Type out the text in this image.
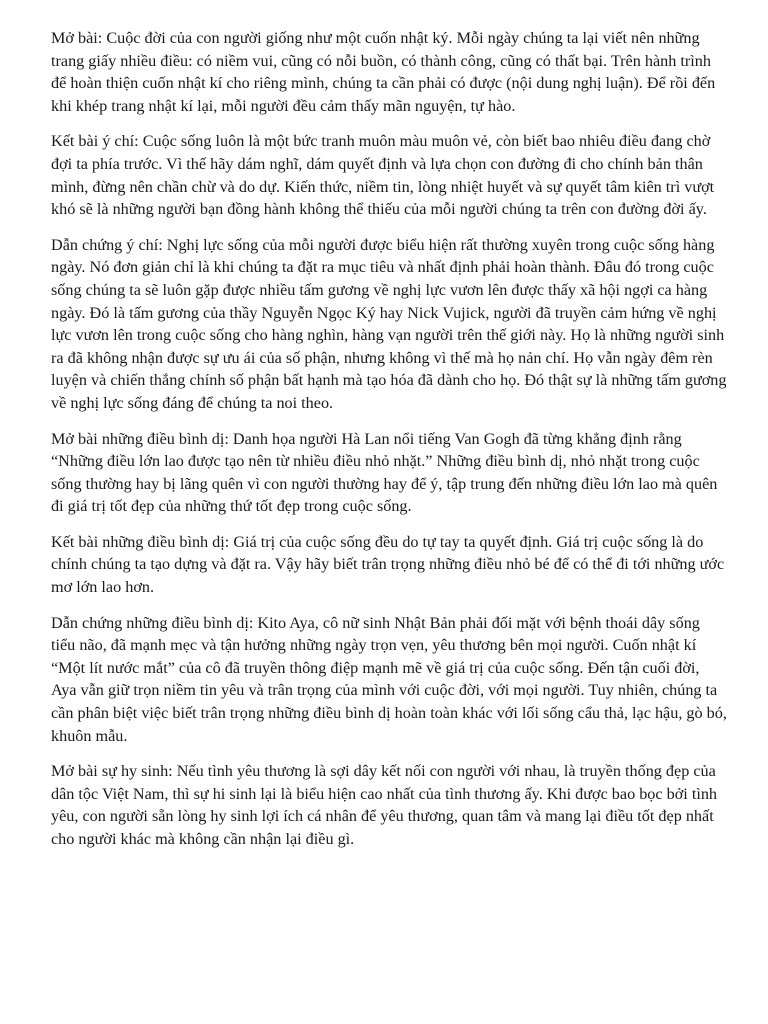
Mở bài: Cuộc đời của con người giống như một cuốn nhật ký. Mỗi ngày chúng ta lại viết nên những trang giấy nhiều điều: có niềm vui, cũng có nỗi buồn, có thành công, cũng có thất bại. Trên hành trình để hoàn thiện cuốn nhật kí cho riêng mình, chúng ta cần phải có được (nội dung nghị luận). Để rồi đến khi khép trang nhật kí lại, mỗi người đều cảm thấy mãn nguyện, tự hào.

Kết bài ý chí: Cuộc sống luôn là một bức tranh muôn màu muôn vẻ, còn biết bao nhiêu điều đang chờ đợi ta phía trước. Vì thế hãy dám nghĩ, dám quyết định và lựa chọn con đường đi cho chính bản thân mình, đừng nên chần chừ và do dự. Kiến thức, niềm tin, lòng nhiệt huyết và sự quyết tâm kiên trì vượt khó sẽ là những người bạn đồng hành không thể thiếu của mỗi người chúng ta trên con đường đời ấy.

Dẫn chứng ý chí: Nghị lực sống của mỗi người được biểu hiện rất thường xuyên trong cuộc sống hàng ngày. Nó đơn giản chỉ là khi chúng ta đặt ra mục tiêu và nhất định phải hoàn thành. Đâu đó trong cuộc sống chúng ta sẽ luôn gặp được nhiều tấm gương về nghị lực vươn lên được thấy xã hội ngợi ca hàng ngày. Đó là tấm gương của thầy Nguyễn Ngọc Ký hay Nick Vujick, người đã truyền cảm hứng về nghị lực vươn lên trong cuộc sống cho hàng nghìn, hàng vạn người trên thế giới này. Họ là những người sinh ra đã không nhận được sự ưu ái của số phận, nhưng không vì thế mà họ nản chí. Họ vẫn ngày đêm rèn luyện và chiến thắng chính số phận bất hạnh mà tạo hóa đã dành cho họ. Đó thật sự là những tấm gương về nghị lực sống đáng để chúng ta noi theo.

Mở bài những điều bình dị: Danh họa người Hà Lan nổi tiếng Van Gogh đã từng khẳng định rằng “Những điều lớn lao được tạo nên từ nhiều điều nhỏ nhặt.” Những điều bình dị, nhỏ nhặt trong cuộc sống thường hay bị lãng quên vì con người thường hay để ý, tập trung đến những điều lớn lao mà quên đi giá trị tốt đẹp của những thứ tốt đẹp trong cuộc sống.

Kết bài những điều bình dị: Giá trị của cuộc sống đều do tự tay ta quyết định. Giá trị cuộc sống là do chính chúng ta tạo dựng và đặt ra. Vậy hãy biết trân trọng những điều nhỏ bé để có thể đi tới những ước mơ lớn lao hơn.

Dẫn chứng những điều bình dị: Kito Aya, cô nữ sinh Nhật Bản phải đối mặt với bệnh thoái dây sống tiểu não, đã mạnh mẹc và tận hưởng những ngày trọn vẹn, yêu thương bên mọi người. Cuốn nhật kí “Một lít nước mắt” của cô đã truyền thông điệp mạnh mẽ về giá trị của cuộc sống. Đến tận cuối đời, Aya vẫn giữ trọn niềm tin yêu và trân trọng của mình với cuộc đời, với mọi người. Tuy nhiên, chúng ta cần phân biệt việc biết trân trọng những điều bình dị hoàn toàn khác với lối sống cẩu thả, lạc hậu, gò bó, khuôn mẫu.

Mở bài sự hy sinh: Nếu tình yêu thương là sợi dây kết nối con người với nhau, là truyền thống đẹp của dân tộc Việt Nam, thì sự hi sinh lại là biểu hiện cao nhất của tình thương ấy. Khi được bao bọc bởi tình yêu, con người sẵn lòng hy sinh lợi ích cá nhân để yêu thương, quan tâm và mang lại điều tốt đẹp nhất cho người khác mà không cần nhận lại điều gì.
